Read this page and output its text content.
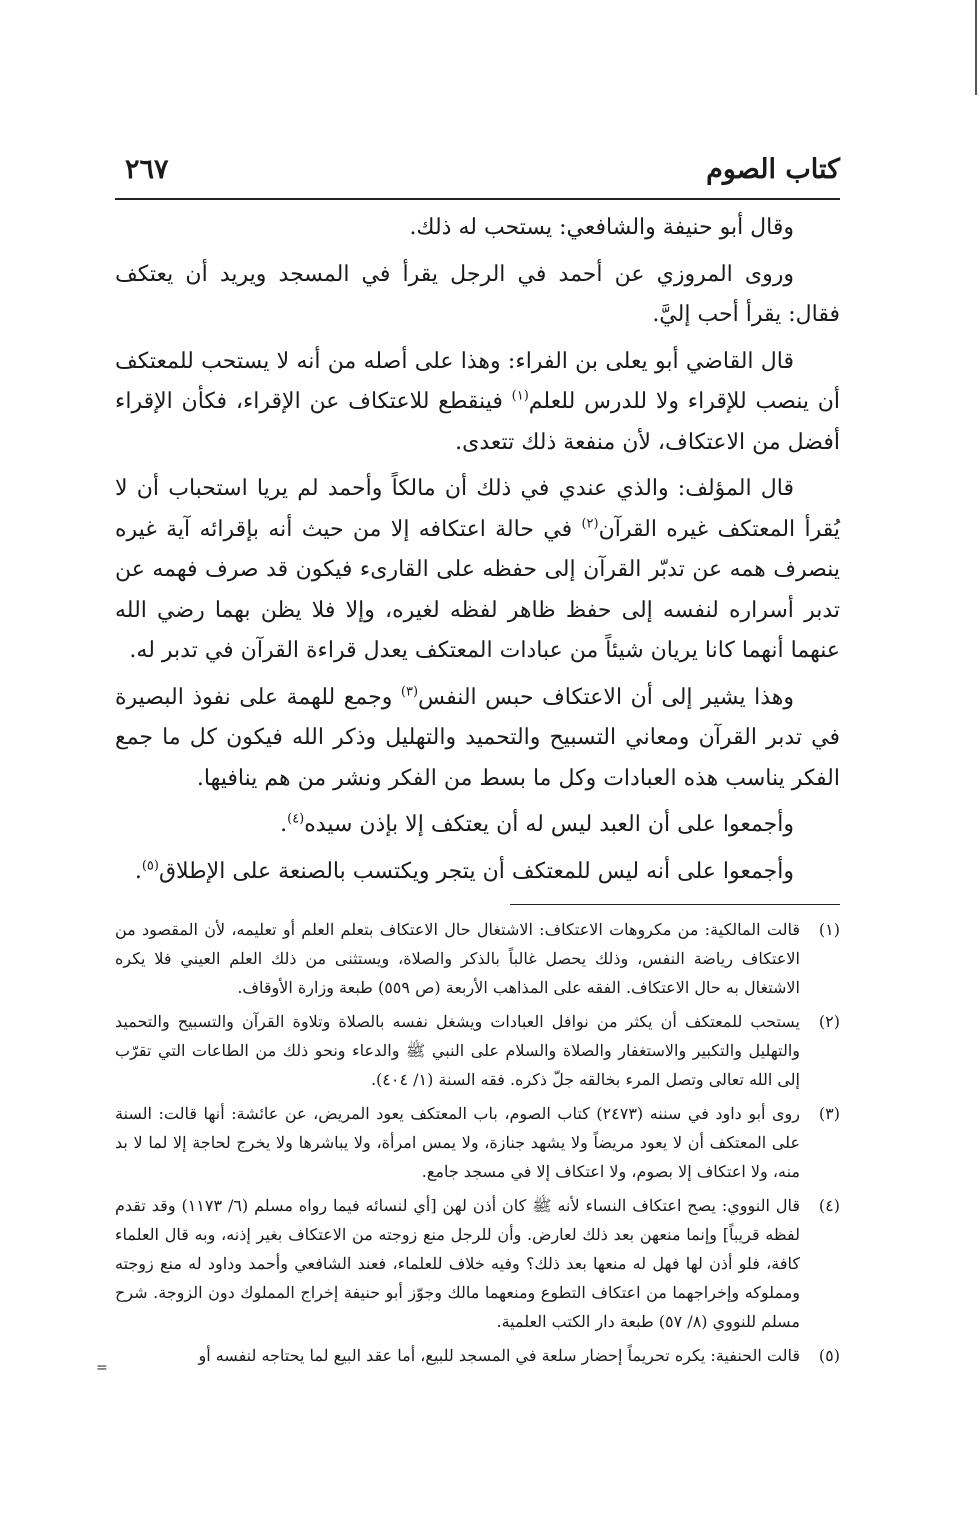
كتاب الصوم
٢٦٧

وقال أبو حنيفة والشافعي: يستحب له ذلك.

وروى المروزي عن أحمد في الرجل يقرأ في المسجد ويريد أن يعتكف فقال: يقرأ أحب إليَّ.

قال القاضي أبو يعلى بن الفراء: وهذا على أصله من أنه لا يستحب للمعتكف أن ينصب للإقراء ولا للدرس للعلم$^{(١)}$ فينقطع للاعتكاف عن الإقراء، فكأن الإقراء أفضل من الاعتكاف، لأن منفعة ذلك تتعدى.

قال المؤلف: والذي عندي في ذلك أن مالكاً وأحمد لم يريا استحباب أن لا يُقرأ المعتكف غيره القرآن$^{(٢)}$ في حالة اعتكافه إلا من حيث أنه بإقرائه آية غيره ينصرف همه عن تدبّر القرآن إلى حفظه على القارىء فيكون قد صرف فهمه عن تدبر أسراره لنفسه إلى حفظ ظاهر لفظه لغيره، وإلا فلا يظن بهما رضي الله عنهما أنهما كانا يريان شيئاً من عبادات المعتكف يعدل قراءة القرآن في تدبر له.

وهذا يشير إلى أن الاعتكاف حبس النفس$^{(٣)}$ وجمع للهمة على نفوذ البصيرة في تدبر القرآن ومعاني التسبيح والتحميد والتهليل وذكر الله فيكون كل ما جمع الفكر يناسب هذه العبادات وكل ما بسط من الفكر ونشر من هم ينافيها.

وأجمعوا على أن العبد ليس له أن يعتكف إلا بإذن سيده$^{(٤)}$.

وأجمعوا على أنه ليس للمعتكف أن يتجر ويكتسب بالصنعة على الإطلاق$^{(٥)}$.

(١)
قالت المالكية: من مكروهات الاعتكاف: الاشتغال حال الاعتكاف بتعلم العلم أو تعليمه، لأن المقصود من الاعتكاف رياضة النفس، وذلك يحصل غالباً بالذكر والصلاة، ويستثنى من ذلك العلم العيني فلا يكره الاشتغال به حال الاعتكاف. الفقه على المذاهب الأربعة (ص ٥٥٩) طبعة وزارة الأوقاف.
(٢)
يستحب للمعتكف أن يكثر من نوافل العبادات ويشغل نفسه بالصلاة وتلاوة القرآن والتسبيح والتحميد والتهليل والتكبير والاستغفار والصلاة والسلام على النبي ﷺ والدعاء ونحو ذلك من الطاعات التي تقرّب إلى الله تعالى وتصل المرء بخالقه جلّ ذكره. فقه السنة (١/ ٤٠٤).
(٣)
روى أبو داود في سننه (٢٤٧٣) كتاب الصوم، باب المعتكف يعود المريض، عن عائشة: أنها قالت: السنة على المعتكف أن لا يعود مريضاً ولا يشهد جنازة، ولا يمس امرأة، ولا يباشرها ولا يخرج لحاجة إلا لما لا بد منه، ولا اعتكاف إلا بصوم، ولا اعتكاف إلا في مسجد جامع.
(٤)
قال النووي: يصح اعتكاف النساء لأنه ﷺ كان أذن لهن [أي لنسائه فيما رواه مسلم (٦/ ١١٧٣) وقد تقدم لفظه قريباً] وإنما منعهن بعد ذلك لعارض. وأن للرجل منع زوجته من الاعتكاف بغير إذنه، وبه قال العلماء كافة، فلو أذن لها فهل له منعها بعد ذلك؟ وفيه خلاف للعلماء، فعند الشافعي وأحمد وداود له منع زوجته ومملوكه وإخراجهما من اعتكاف التطوع ومنعهما مالك وجوّز أبو حنيفة إخراج المملوك دون الزوجة. شرح مسلم للنووي (٨/ ٥٧) طبعة دار الكتب العلمية.
(٥)
قالت الحنفية: يكره تحريماً إحضار سلعة في المسجد للبيع، أما عقد البيع لما يحتاجه لنفسه أو
=
